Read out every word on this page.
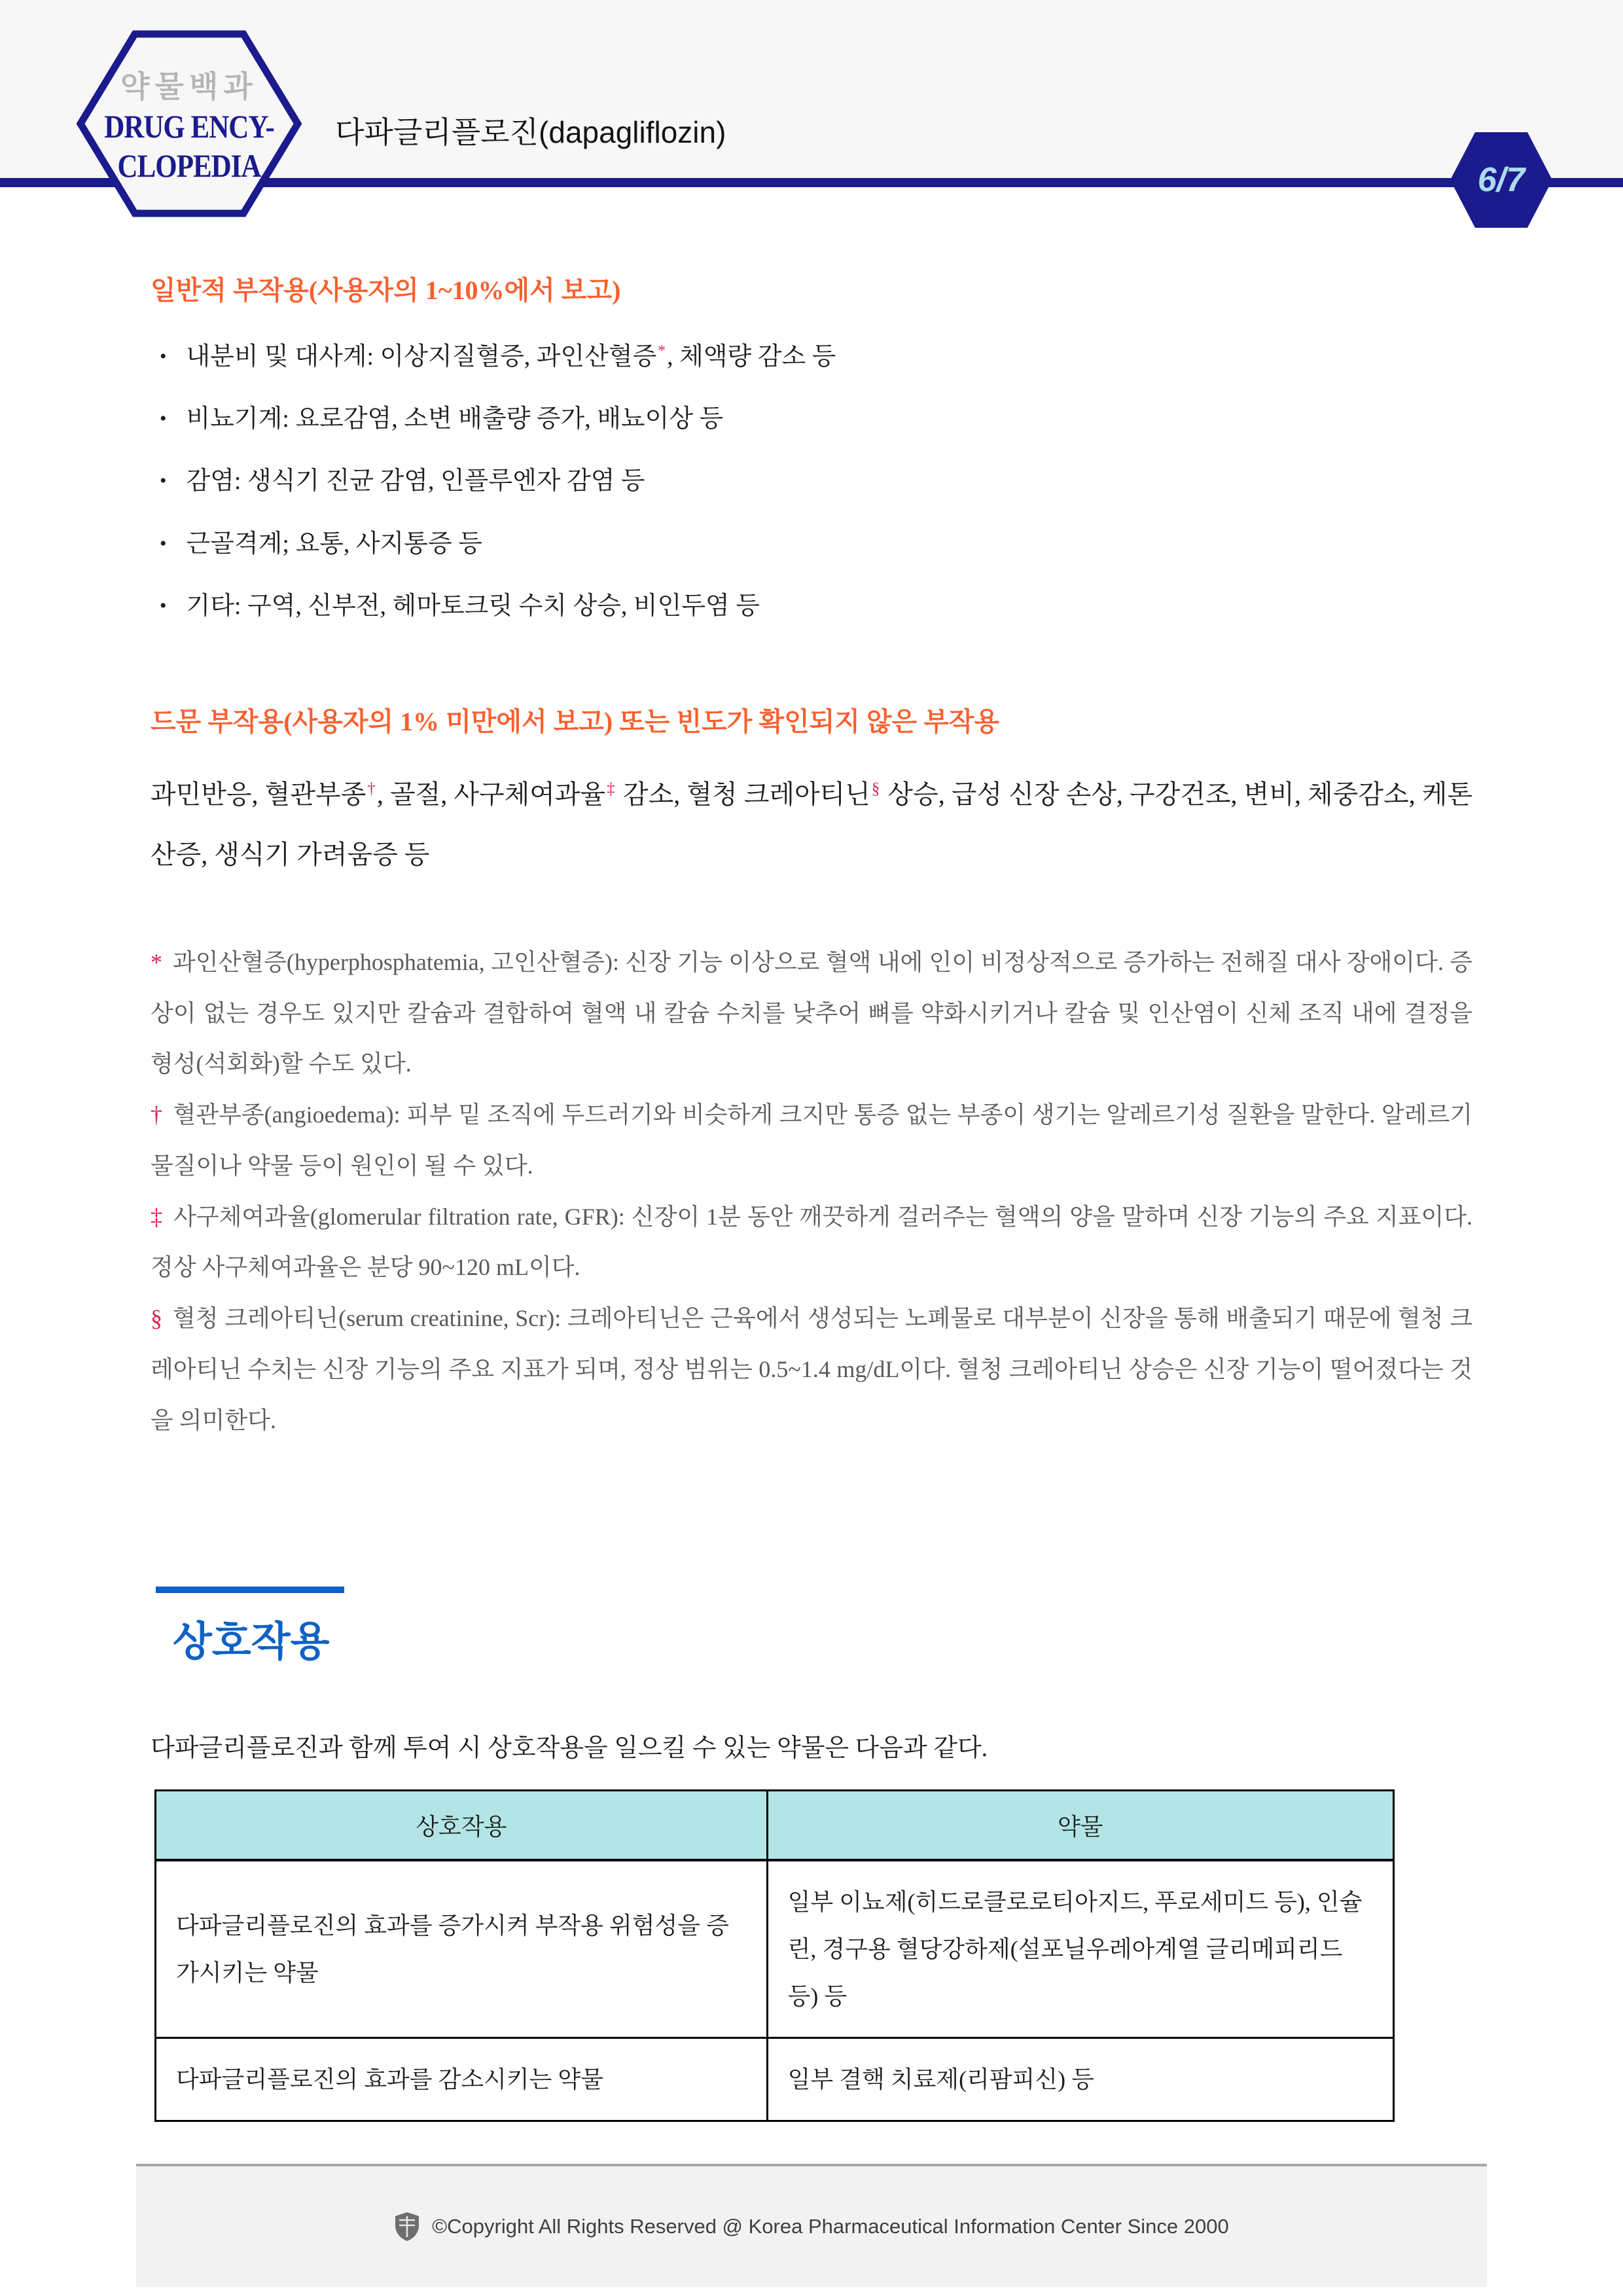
약물백과
DRUG ENCY-
CLOPEDIA
다파글리플로진(dapagliflozin)
6/7
일반적 부작용(사용자의 1~10%에서 보고)
• 내분비 및 대사계: 이상지질혈증, 과인산혈증*, 체액량 감소 등
• 비뇨기계: 요로감염, 소변 배출량 증가, 배뇨이상 등
• 감염: 생식기 진균 감염, 인플루엔자 감염 등
• 근골격계; 요통, 사지통증 등
• 기타: 구역, 신부전, 헤마토크릿 수치 상승, 비인두염 등
드문 부작용(사용자의 1% 미만에서 보고) 또는 빈도가 확인되지 않은 부작용

과민반응, 혈관부종†, 골절, 사구체여과율‡ 감소, 혈청 크레아티닌§ 상승, 급성 신장 손상, 구강건조, 변비, 체중감소, 케톤산증, 생식기 가려움증 등

* 과인산혈증(hyperphosphatemia, 고인산혈증): 신장 기능 이상으로 혈액 내에 인이 비정상적으로 증가하는 전해질 대사 장애이다. 증상이 없는 경우도 있지만 칼슘과 결합하여 혈액 내 칼슘 수치를 낮추어 뼈를 약화시키거나 칼슘 및 인산염이 신체 조직 내에 결정을 형성(석회화)할 수도 있다.

† 혈관부종(angioedema): 피부 밑 조직에 두드러기와 비슷하게 크지만 통증 없는 부종이 생기는 알레르기성 질환을 말한다. 알레르기 물질이나 약물 등이 원인이 될 수 있다.

‡ 사구체여과율(glomerular filtration rate, GFR): 신장이 1분 동안 깨끗하게 걸러주는 혈액의 양을 말하며 신장 기능의 주요 지표이다. 정상 사구체여과율은 분당 90~120 mL이다.

§ 혈청 크레아티닌(serum creatinine, Scr): 크레아티닌은 근육에서 생성되는 노폐물로 대부분이 신장을 통해 배출되기 때문에 혈청 크레아티닌 수치는 신장 기능의 주요 지표가 되며, 정상 범위는 0.5~1.4 mg/dL이다. 혈청 크레아티닌 상승은 신장 기능이 떨어졌다는 것을 의미한다.

상호작용

다파글리플로진과 함께 투여 시 상호작용을 일으킬 수 있는 약물은 다음과 같다.

상호작용	약물
다파글리플로진의 효과를 증가시켜 부작용 위험성을 증가시키는 약물	일부 이뇨제(히드로클로로티아지드, 푸로세미드 등), 인슐린, 경구용 혈당강하제(설포닐우레아계열 글리메피리드 등) 등
다파글리플로진의 효과를 감소시키는 약물	일부 결핵 치료제(리팜피신) 등
©Copyright All Rights Reserved @ Korea Pharmaceutical Information Center Since 2000
